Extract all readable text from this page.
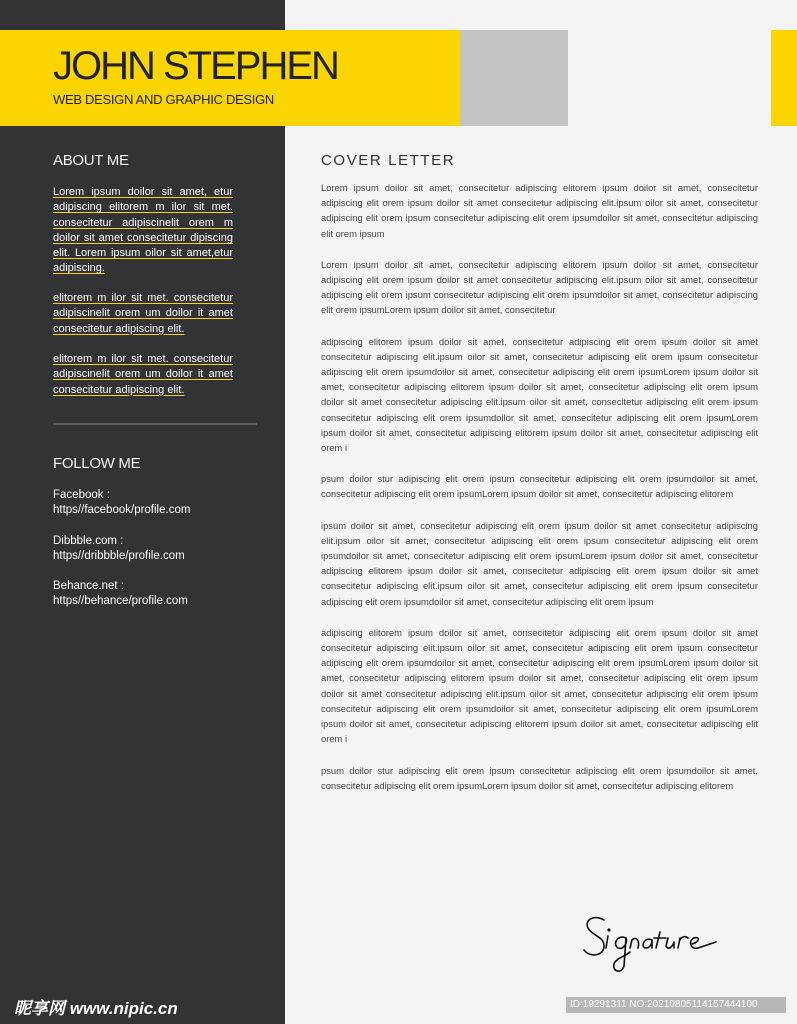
JOHN STEPHEN
WEB DESIGN AND GRAPHIC DESIGN
ABOUT ME

Lorem ipsum doilor sit amet, etur adipiscing elitorem m ilor sit met. consecitetur adipiscinelit orem m doilor sit amet consecitetur dipiscing elit. Lorem ipsum oilor sit amet,etur adipiscing.

elitorem m ilor sit met. consecitetur adipiscinelit orem um doilor it amet consecitetur adipiscing elit.

elitorem m ilor sit met. consecitetur adipiscinelit orem um doilor it amet consecitetur adipiscing elit.

FOLLOW ME
Facebook :
https//facebook/profile.com
Dibbble.com :
https//dribbble/profile.com
Behance.net :
https//behance/profile.com
COVER LETTER

Lorem ipsum doilor sit amet, consecitetur adipiscing elitorem ipsum doilor sit amet, consecitetur adipiscing elit orem ipsum doilor sit amet consecitetur adipiscing elit.ipsum oilor sit amet, consecitetur adipiscing elit orem ipsum consecitetur adipiscing elit orem ipsumdoilor sit amet, consecitetur adipiscing elit orem ipsum

Lorem ipsum doilor sit amet, consecitetur adipiscing elitorem ipsum doilor sit amet, consecitetur adipiscing elit orem ipsum doilor sit amet consecitetur adipiscing elit.ipsum oilor sit amet, consecitetur adipiscing elit orem ipsum consecitetur adipiscing elit orem ipsumdoilor sit amet, consecitetur adipiscing elit orem ipsumLorem ipsum doilor sit amet, consecitetur

adipiscing elitorem ipsum doilor sit amet, consecitetur adipiscing elit orem ipsum doilor sit amet consecitetur adipiscing elit.ipsum oilor sit amet, consecitetur adipiscing elit orem ipsum consecitetur adipiscing elit orem ipsumdoilor sit amet, consecitetur adipiscing elit orem ipsumLorem ipsum doilor sit amet, consecitetur adipiscing elitorem ipsum doilor sit amet, consecitetur adipiscing elit orem ipsum doilor sit amet consecitetur adipiscing elit.ipsum oilor sit amet, consecitetur adipiscing elit orem ipsum consecitetur adipiscing elit orem ipsumdoilor sit amet, consecitetur adipiscing elit orem ipsumLorem ipsum doilor sit amet, consecitetur adipiscing elitorem ipsum doilor sit amet, consecitetur adipiscing elit orem i

psum doilor stur adipiscing elit orem ipsum consecitetur adipiscing elit orem ipsumdoilor sit amet, consecitetur adipiscing elit orem ipsumLorem ipsum doilor sit amet, consecitetur adipiscing elitorem

ipsum doilor sit amet, consecitetur adipiscing elit orem ipsum doilor sit amet consecitetur adipiscing elit.ipsum oilor sit amet, consecitetur adipiscing elit orem ipsum consecitetur adipiscing elit orem ipsumdoilor sit amet, consecitetur adipiscing elit orem ipsumLorem ipsum doilor sit amet, consecitetur adipiscing elitorem ipsum doilor sit amet, consecitetur adipiscing elit orem ipsum doilor sit amet consecitetur adipiscing elit.ipsum oilor sit amet, consecitetur adipiscing elit orem ipsum consecitetur adipiscing elit orem ipsumdoilor sit amet, consecitetur adipiscing elit orem ipsum

adipiscing elitorem ipsum doilor sit amet, consecitetur adipiscing elit orem ipsum doilor sit amet consecitetur adipiscing elit.ipsum oilor sit amet, consecitetur adipiscing elit orem ipsum consecitetur adipiscing elit orem ipsumdoilor sit amet, consecitetur adipiscing elit orem ipsumLorem ipsum doilor sit amet, consecitetur adipiscing elitorem ipsum doilor sit amet, consecitetur adipiscing elit orem ipsum doilor sit amet consecitetur adipiscing elit.ipsum oilor sit amet, consecitetur adipiscing elit orem ipsum consecitetur adipiscing elit orem ipsumdoilor sit amet, consecitetur adipiscing elit orem ipsumLorem ipsum doilor sit amet, consecitetur adipiscing elitorem ipsum doilor sit amet, consecitetur adipiscing elit orem i

psum doilor stur adipiscing elit orem ipsum consecitetur adipiscing elit orem ipsumdoilor sit amet, consecitetur adipiscing elit orem ipsumLorem ipsum doilor sit amet, consecitetur adipiscing elitorem

昵享网 www.nipic.cn	ID:19291311 NO:20210805114157444100
